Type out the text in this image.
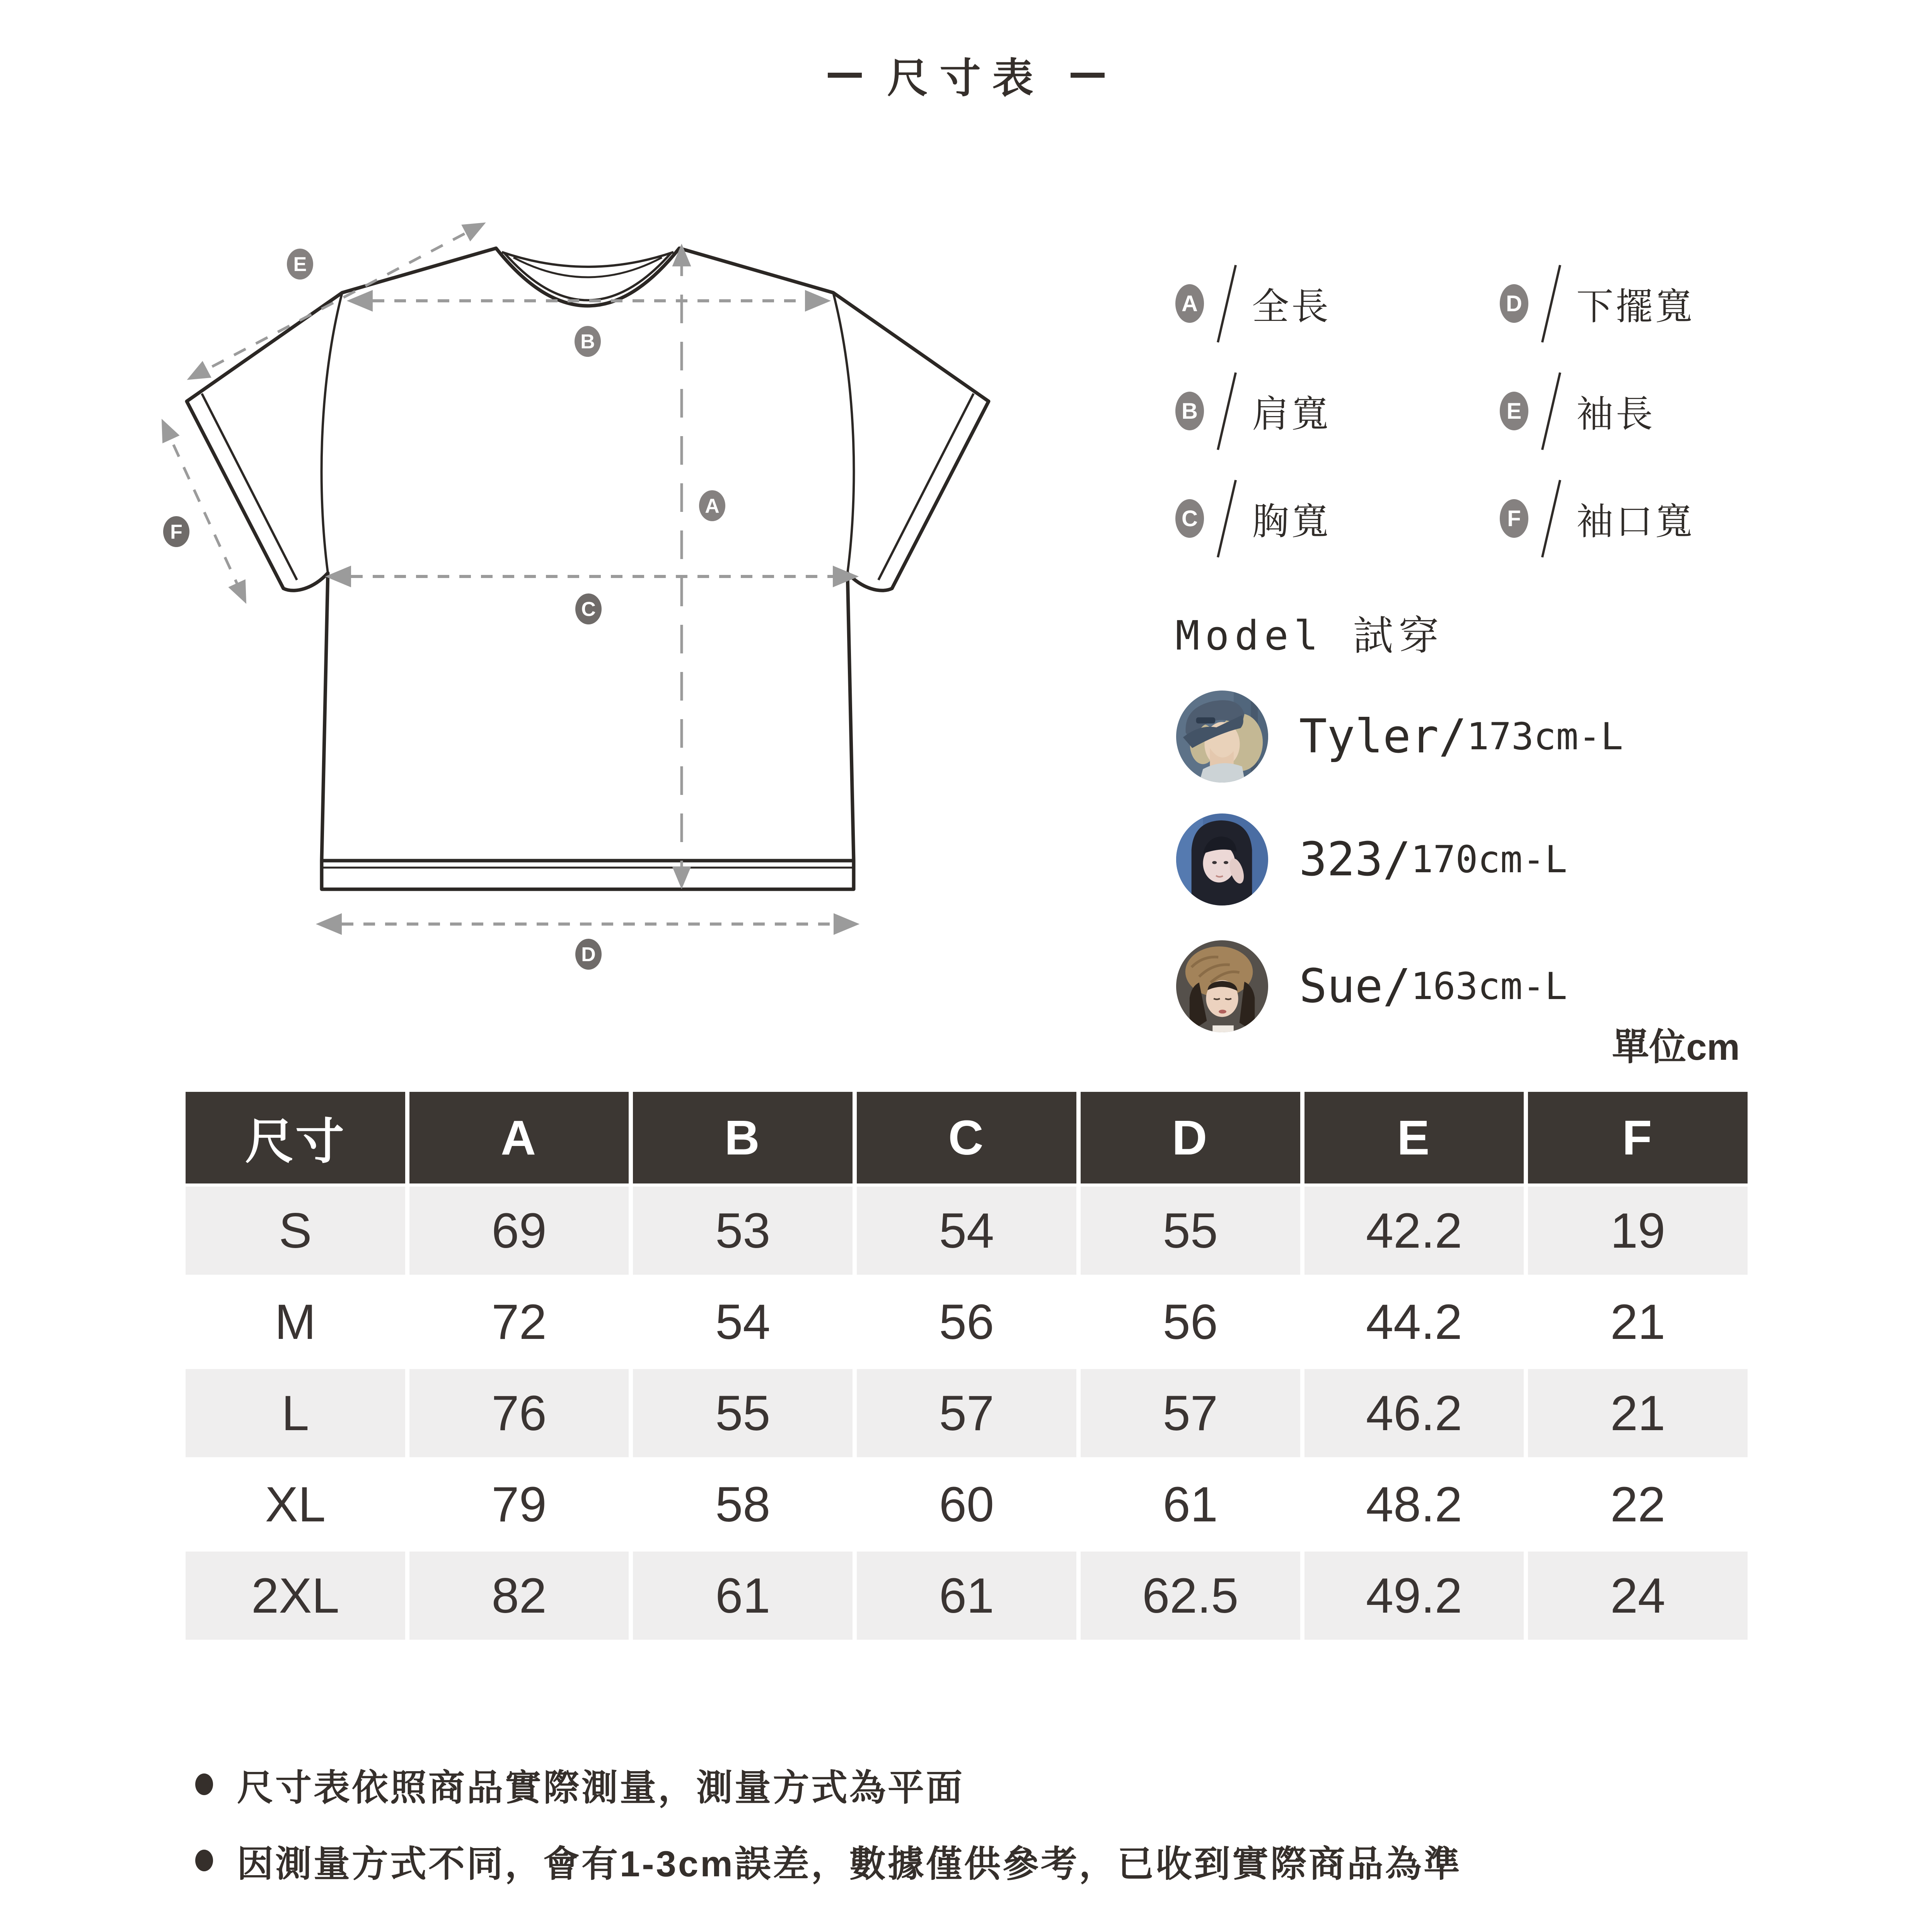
尺寸表
E
B
A
F
C
D
A 全長
B 肩寬
C 胸寬
D 下擺寬
E 袖長
F 袖口寬
Model 試穿
Tyler/ 173cm-L
323/ 170cm-L
Sue/ 163cm-L
單位cm
尺寸	A	B	C	D	E	F
S	69	53	54	55	42.2	19
M	72	54	56	56	44.2	21
L	76	55	57	57	46.2	21
XL	79	58	60	61	48.2	22
2XL	82	61	61	62.5	49.2	24
尺寸表依照商品實際測量，測量方式為平面
因測量方式不同，會有1-3cm誤差，數據僅供參考，已收到實際商品為準
